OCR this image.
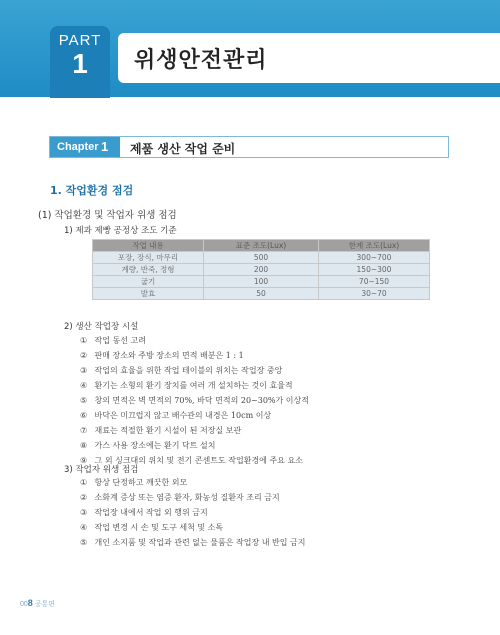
PART
1	위생안전관리
Chapter 1 제품 생산 작업 준비
1. 작업환경 점검
(1) 작업환경 및 작업자 위생 점검
1) 제과 제빵 공정상 조도 기준
작업 내용	표준 조도(Lux)	한계 조도(Lux)
포장, 장식, 마무리	500	300~700
계량, 반죽, 정형	200	150~300
굽기	100	70~150
발효	50	30~70
2) 생산 작업장 시설
① 작업 동선 고려
② 판매 장소와 주방 장소의 면적 배분은 1 : 1
③ 작업의 효율을 위한 작업 테이블의 위치는 작업장 중앙
④ 환기는 소형의 환기 장치를 여러 개 설치하는 것이 효율적
⑤ 창의 면적은 벽 면적의 70%, 바닥 면적의 20~30%가 이상적
⑥ 바닥은 미끄럽지 않고 배수관의 내경은 10cm 이상
⑦ 재료는 적절한 환기 시설이 된 저장실 보관
⑧ 가스 사용 장소에는 환기 닥트 설치
⑨ 그 외 싱크대의 위치 및 전기 콘센트도 작업환경에 주요 요소
3) 작업자 위생 점검
① 항상 단정하고 깨끗한 외모
② 소화계 증상 또는 염증 환자, 화농성 질환자 조리 금지
③ 작업장 내에서 작업 외 행위 금지
④ 작업 변경 시 손 및 도구 세척 및 소독
⑤ 개인 소지품 및 작업과 관련 없는 물품은 작업장 내 반입 금지
008 공통편
